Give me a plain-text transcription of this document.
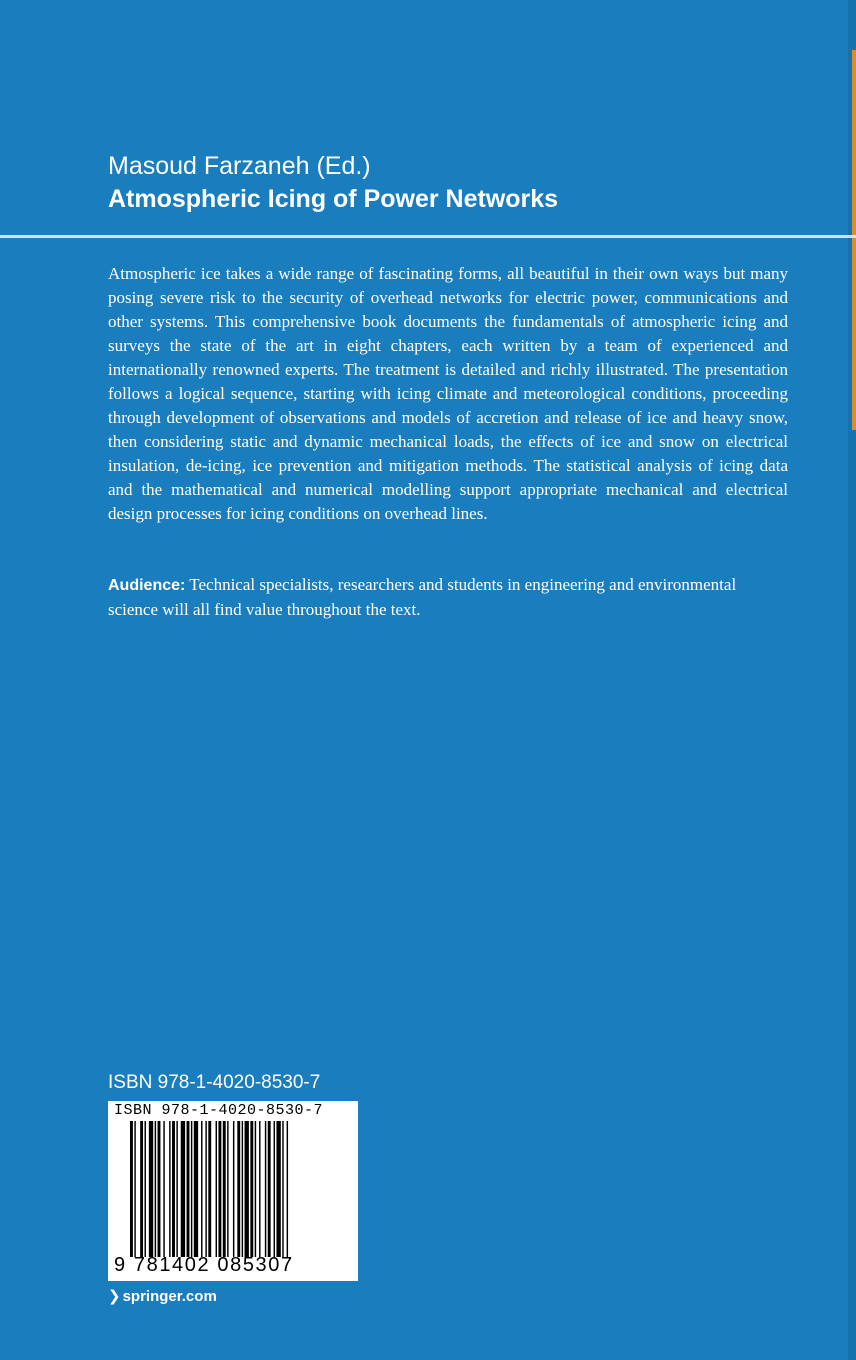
Masoud Farzaneh (Ed.)
Atmospheric Icing of Power Networks

Atmospheric ice takes a wide range of fascinating forms, all beautiful in their own ways but many posing severe risk to the security of overhead networks for electric power, communications and other systems. This comprehensive book documents the fundamentals of atmospheric icing and surveys the state of the art in eight chapters, each written by a team of experienced and internationally renowned experts. The treatment is detailed and richly illustrated. The presentation follows a logical sequence, starting with icing climate and meteorological conditions, proceeding through development of observations and models of accretion and release of ice and heavy snow, then considering static and dynamic mechanical loads, the effects of ice and snow on electrical insulation, de-icing, ice prevention and mitigation methods. The statistical analysis of icing data and the mathematical and numerical modelling support appropriate mechanical and electrical design processes for icing conditions on overhead lines.

Audience: Technical specialists, researchers and students in engineering and environmental science will all find value throughout the text.

ISBN 978-1-4020-8530-7
ISBN 978-1-4020-8530-7
9 781402 085307
❯ springer.com
